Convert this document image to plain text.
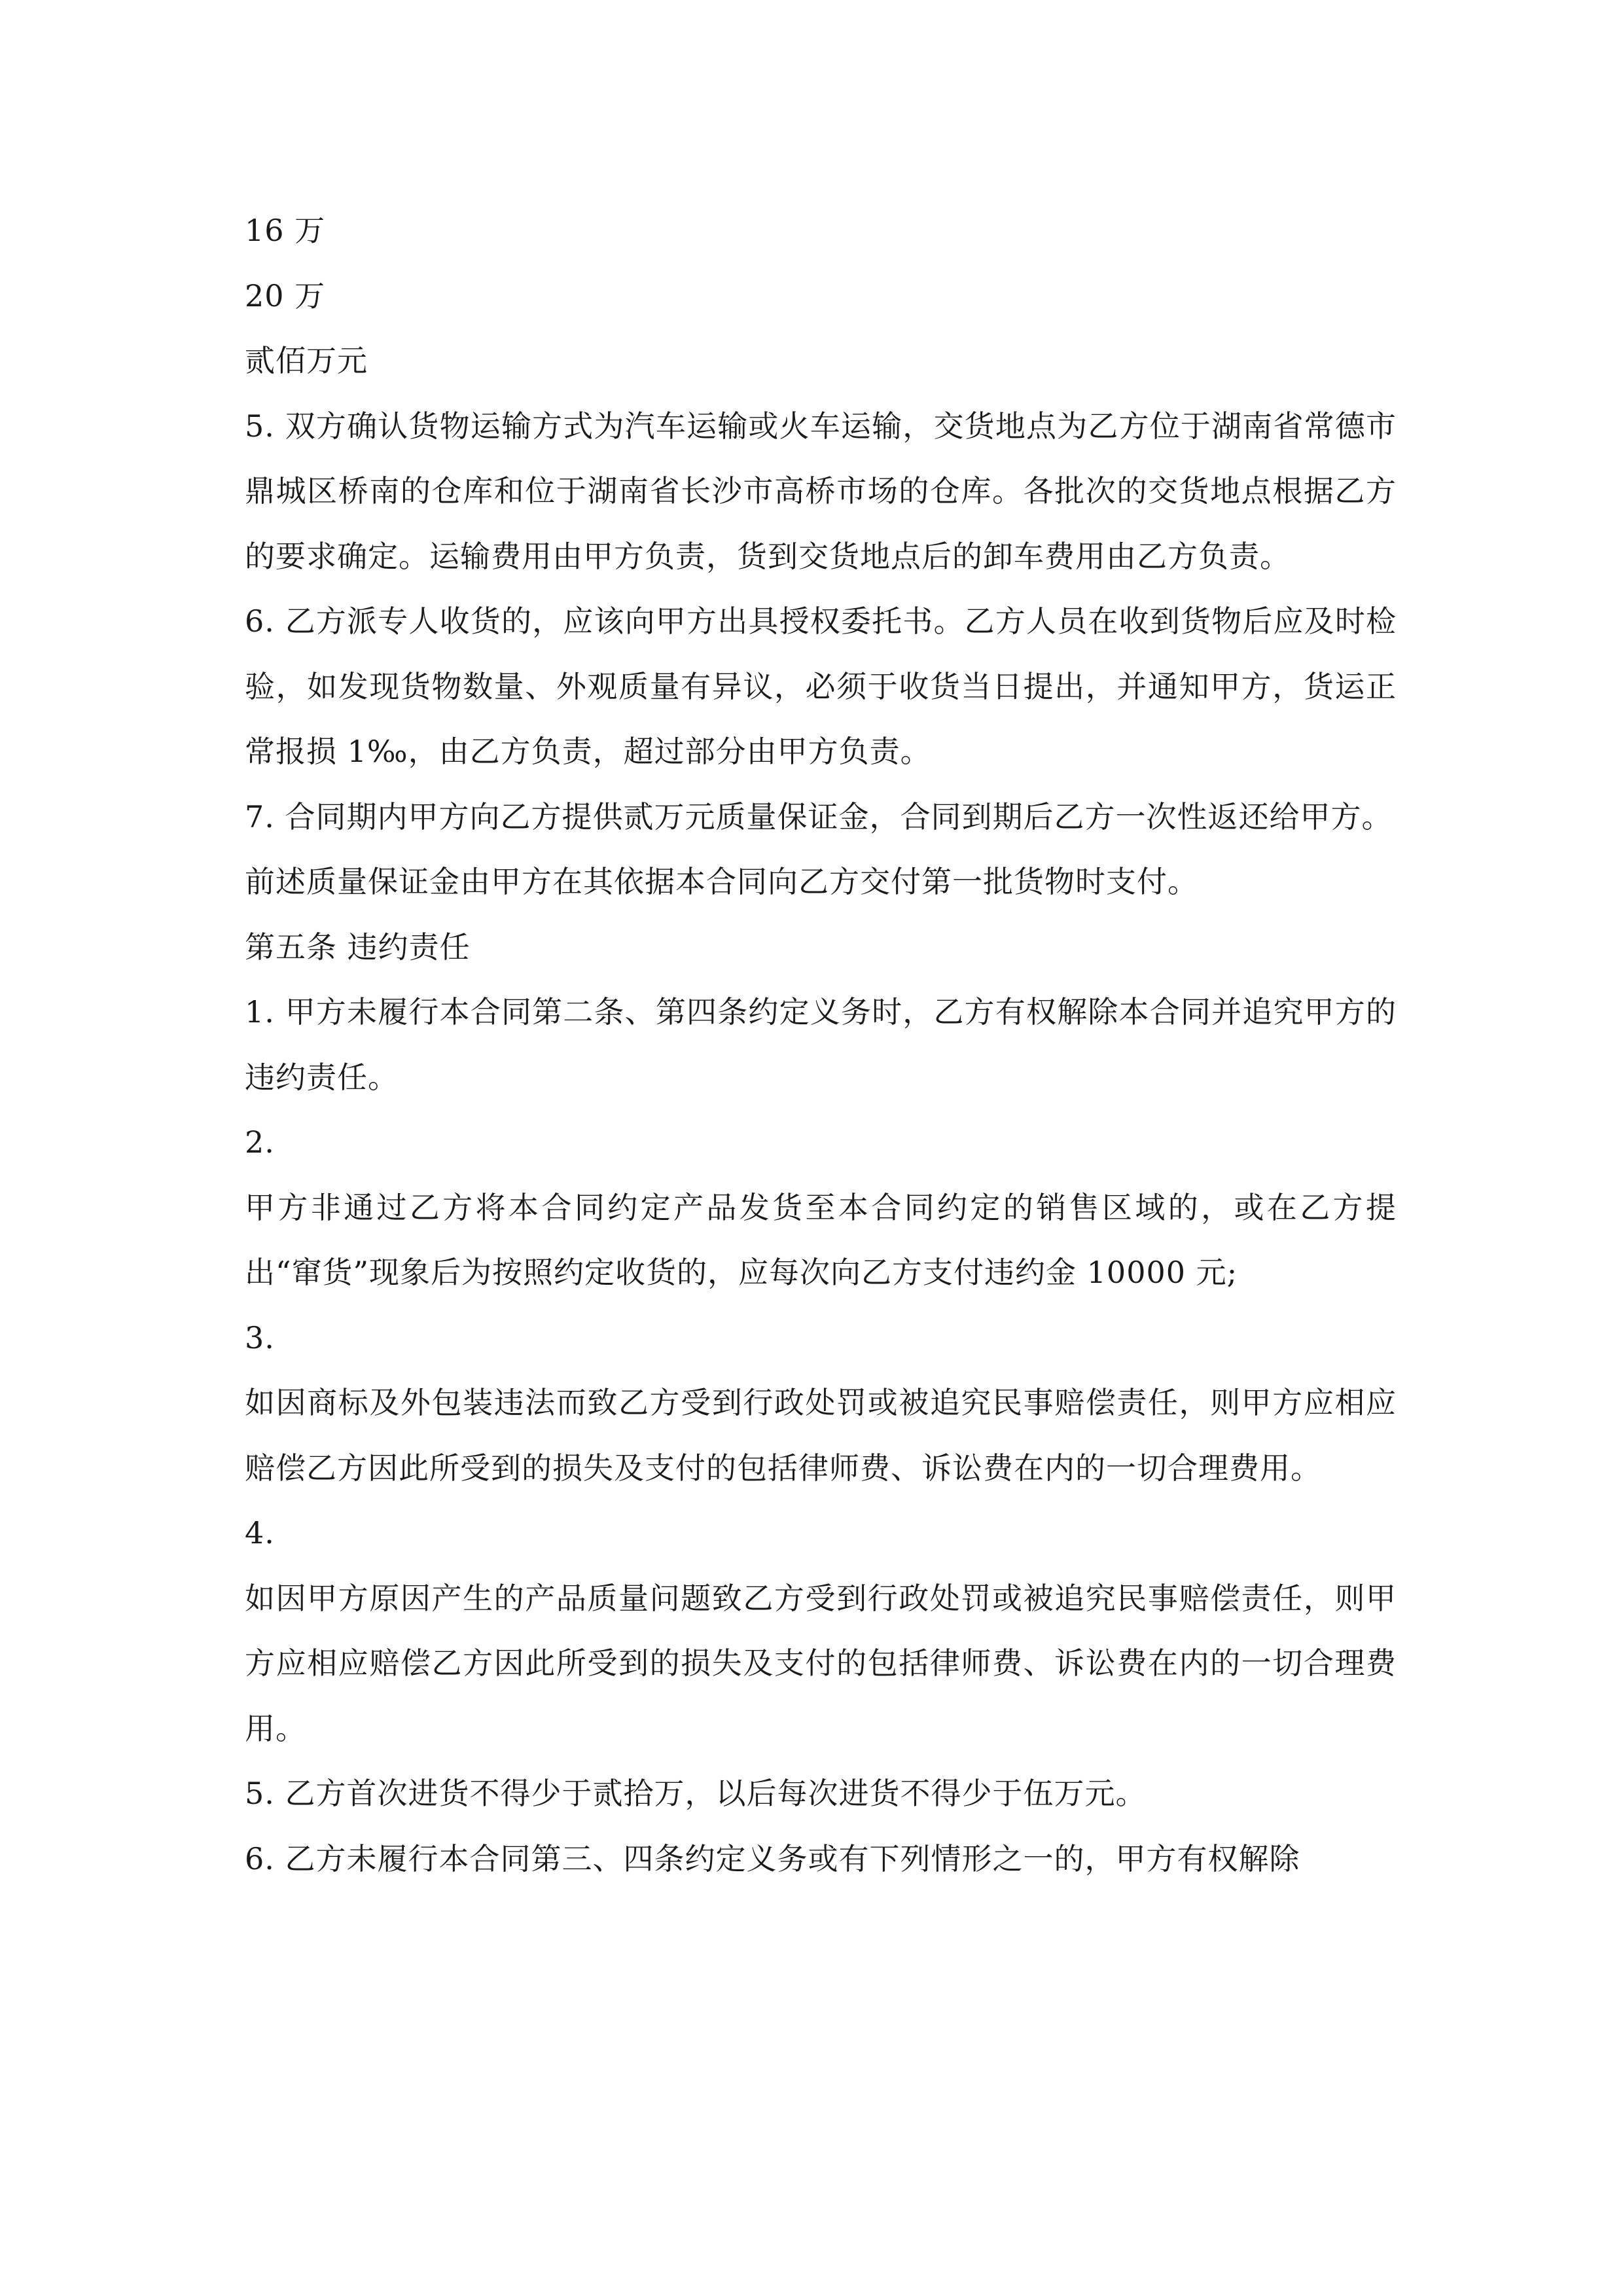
16 万

20 万

贰佰万元

5. 双方确认货物运输方式为汽车运输或火车运输，交货地点为乙方位于湖南省常德市鼎城区桥南的仓库和位于湖南省长沙市高桥市场的仓库。各批次的交货地点根据乙方的要求确定。运输费用由甲方负责，货到交货地点后的卸车费用由乙方负责。

6. 乙方派专人收货的，应该向甲方出具授权委托书。乙方人员在收到货物后应及时检验，如发现货物数量、外观质量有异议，必须于收货当日提出，并通知甲方，货运正常报损 1‰，由乙方负责，超过部分由甲方负责。

7. 合同期内甲方向乙方提供贰万元质量保证金，合同到期后乙方一次性返还给甲方。

前述质量保证金由甲方在其依据本合同向乙方交付第一批货物时支付。

第五条 违约责任

1. 甲方未履行本合同第二条、第四条约定义务时，乙方有权解除本合同并追究甲方的违约责任。

2.

甲方非通过乙方将本合同约定产品发货至本合同约定的销售区域的，或在乙方提出“窜货”现象后为按照约定收货的，应每次向乙方支付违约金 10000 元;

3.

如因商标及外包装违法而致乙方受到行政处罚或被追究民事赔偿责任，则甲方应相应赔偿乙方因此所受到的损失及支付的包括律师费、诉讼费在内的一切合理费用。

4.

如因甲方原因产生的产品质量问题致乙方受到行政处罚或被追究民事赔偿责任，则甲方应相应赔偿乙方因此所受到的损失及支付的包括律师费、诉讼费在内的一切合理费用。

5. 乙方首次进货不得少于贰拾万，以后每次进货不得少于伍万元。

6. 乙方未履行本合同第三、四条约定义务或有下列情形之一的，甲方有权解除
